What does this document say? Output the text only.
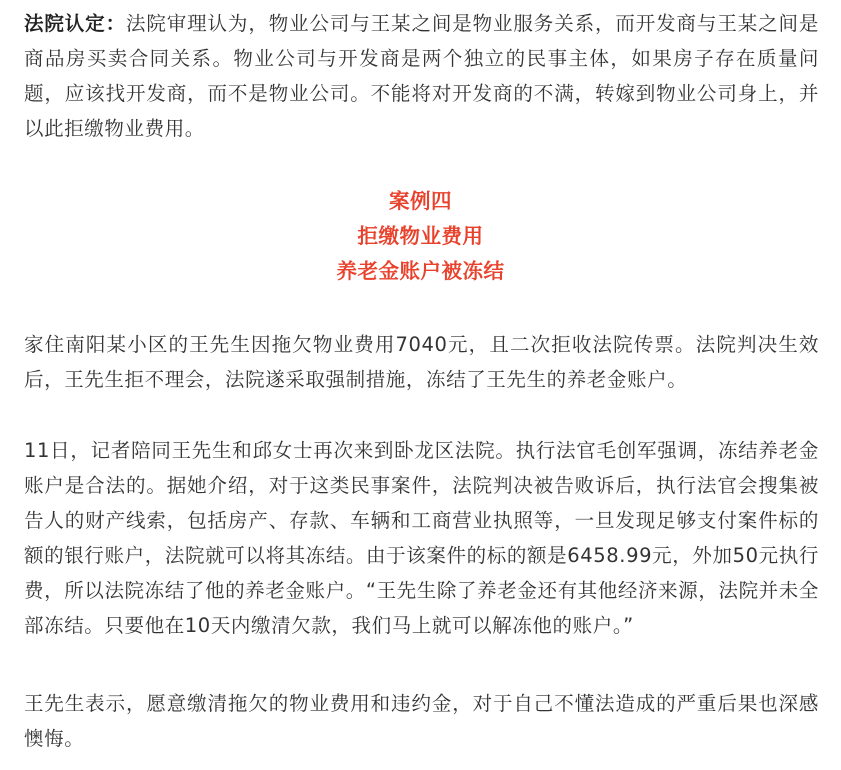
法院认定：法院审理认为，物业公司与王某之间是物业服务关系，而开发商与王某之间是商品房买卖合同关系。物业公司与开发商是两个独立的民事主体，如果房子存在质量问题，应该找开发商，而不是物业公司。不能将对开发商的不满，转嫁到物业公司身上，并以此拒缴物业费用。

案例四
拒缴物业费用
养老金账户被冻结

家住南阳某小区的王先生因拖欠物业费用7040元，且二次拒收法院传票。法院判决生效后，王先生拒不理会，法院遂采取强制措施，冻结了王先生的养老金账户。

11日，记者陪同王先生和邱女士再次来到卧龙区法院。执行法官毛创军强调，冻结养老金账户是合法的。据她介绍，对于这类民事案件，法院判决被告败诉后，执行法官会搜集被告人的财产线索，包括房产、存款、车辆和工商营业执照等，一旦发现足够支付案件标的额的银行账户，法院就可以将其冻结。由于该案件的标的额是6458.99元，外加50元执行费，所以法院冻结了他的养老金账户。“王先生除了养老金还有其他经济来源，法院并未全部冻结。只要他在10天内缴清欠款，我们马上就可以解冻他的账户。”

王先生表示，愿意缴清拖欠的物业费用和违约金，对于自己不懂法造成的严重后果也深感懊悔。
